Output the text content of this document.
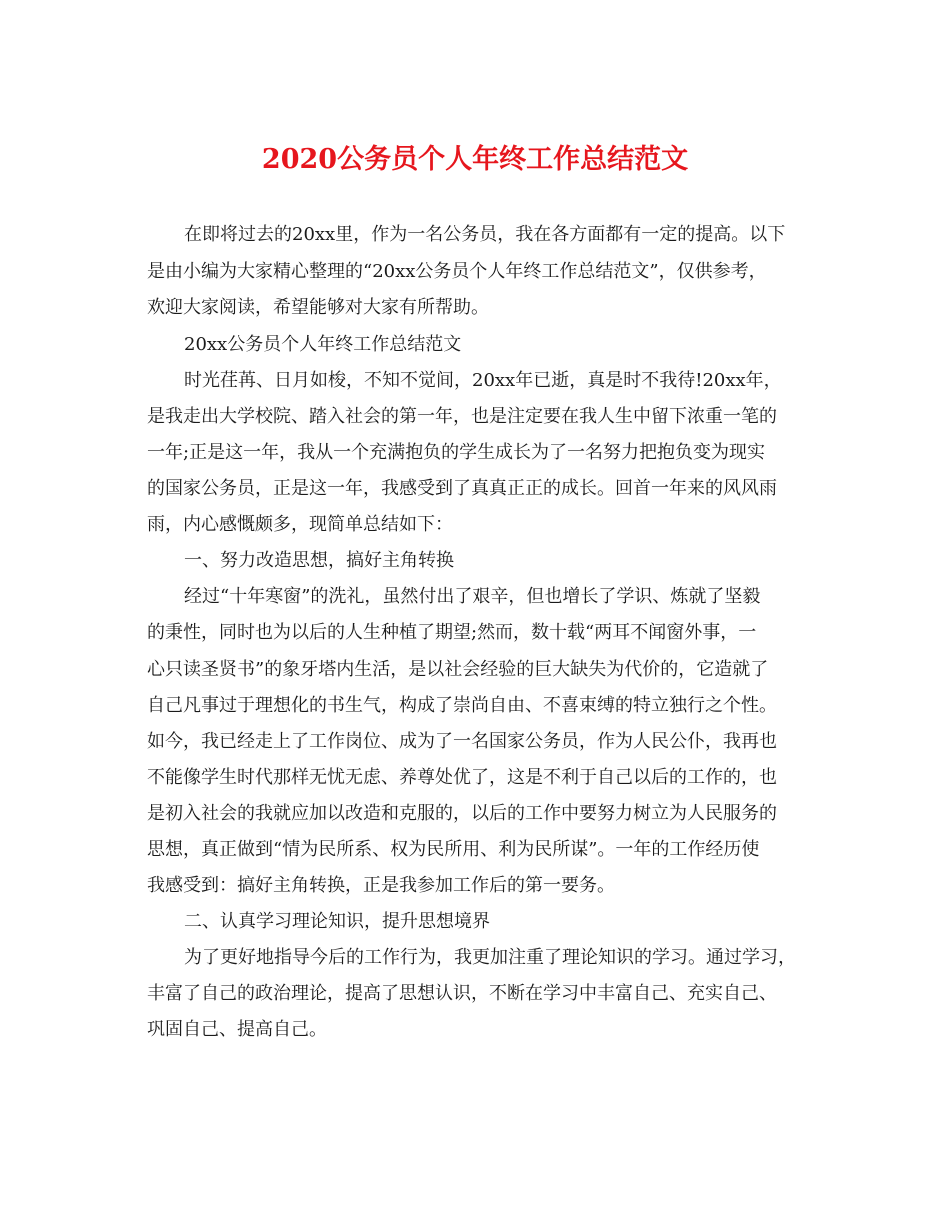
2020公务员个人年终工作总结范文

在即将过去的20xx里，作为一名公务员，我在各方面都有一定的提高。以下

是由小编为大家精心整理的“20xx公务员个人年终工作总结范文”，仅供参考，

欢迎大家阅读，希望能够对大家有所帮助。

20xx公务员个人年终工作总结范文

时光荏苒、日月如梭，不知不觉间，20xx年已逝，真是时不我待!20xx年，

是我走出大学校院、踏入社会的第一年，也是注定要在我人生中留下浓重一笔的

一年;正是这一年，我从一个充满抱负的学生成长为了一名努力把抱负变为现实

的国家公务员，正是这一年，我感受到了真真正正的成长。回首一年来的风风雨

雨，内心感慨颇多，现简单总结如下：

一、努力改造思想，搞好主角转换

经过“十年寒窗”的洗礼，虽然付出了艰辛，但也增长了学识、炼就了坚毅

的秉性，同时也为以后的人生种植了期望;然而，数十载“两耳不闻窗外事，一

心只读圣贤书”的象牙塔内生活，是以社会经验的巨大缺失为代价的，它造就了

自己凡事过于理想化的书生气，构成了崇尚自由、不喜束缚的特立独行之个性。

如今，我已经走上了工作岗位、成为了一名国家公务员，作为人民公仆，我再也

不能像学生时代那样无忧无虑、养尊处优了，这是不利于自己以后的工作的，也

是初入社会的我就应加以改造和克服的，以后的工作中要努力树立为人民服务的

思想，真正做到“情为民所系、权为民所用、利为民所谋”。一年的工作经历使

我感受到：搞好主角转换，正是我参加工作后的第一要务。

二、认真学习理论知识，提升思想境界

为了更好地指导今后的工作行为，我更加注重了理论知识的学习。通过学习，

丰富了自己的政治理论，提高了思想认识，不断在学习中丰富自己、充实自己、

巩固自己、提高自己。
